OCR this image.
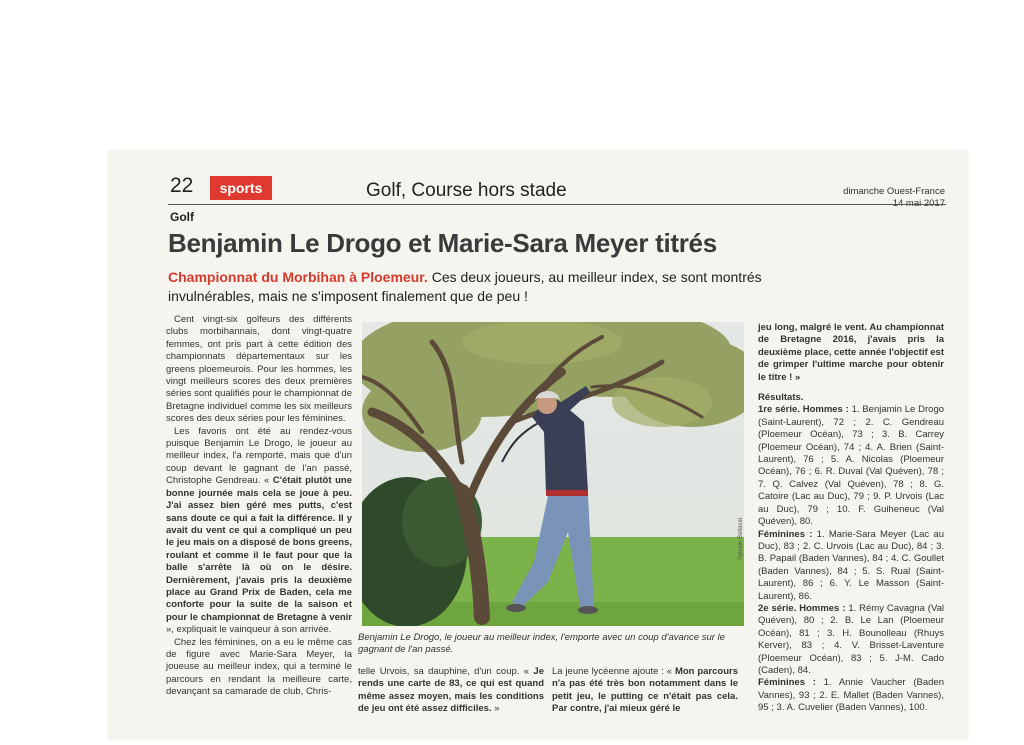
22	sports	Golf, Course hors stade	dimanche Ouest-France
Golf
Benjamin Le Drogo et Marie-Sara Meyer titrés
Championnat du Morbihan à Ploemeur. Ces deux joueurs, au meilleur index, se sont montrés invulnérables, mais ne s'imposent finalement que de peu !

Cent vingt-six golfeurs des différents clubs morbihannais, dont vingt-quatre femmes, ont pris part à cette édition des championnats départementaux sur les greens ploemeurois. Pour les hommes, les vingt meilleurs scores des deux premières séries sont qualifiés pour le championnat de Bretagne individuel comme les six meilleurs scores des deux séries pour les féminines.

Les favoris ont été au rendez-vous puisque Benjamin Le Drogo, le joueur au meilleur index, l'a remporté, mais que d'un coup devant le gagnant de l'an passé, Christophe Gendreau. « C'était plutôt une bonne journée mais cela se joue à peu. J'ai assez bien géré mes putts, c'est sans doute ce qui a fait la différence. Il y avait du vent ce qui a compliqué un peu le jeu mais on a disposé de bons greens, roulant et comme il le faut pour que la balle s'arrête là où on le désire. Dernièrement, j'avais pris la deuxième place au Grand Prix de Baden, cela me conforte pour la suite de la saison et pour le championnat de Bretagne à venir », expliquait le vainqueur à son arrivée.

Chez les féminines, on a eu le même cas de figure avec Marie-Sara Meyer, la joueuse au meilleur index, qui a terminé le parcours en rendant la meilleure carte, devançant sa camarade de club, Chris-

Sylvain Bellaval
Benjamin Le Drogo, le joueur au meilleur index, l'emporte avec un coup d'avance sur le gagnant de l'an passé.
telle Urvois, sa dauphine, d'un coup. « Je rends une carte de 83, ce qui est quand même assez moyen, mais les conditions de jeu ont été assez difficiles. »
La jeune lycéenne ajoute : « Mon parcours n'a pas été très bon notamment dans le petit jeu, le putting ce n'était pas cela. Par contre, j'ai mieux géré le

jeu long, malgré le vent. Au championnat de Bretagne 2016, j'avais pris la deuxième place, cette année l'objectif est de grimper l'ultime marche pour obtenir le titre ! »

Résultats.

1re série. Hommes : 1. Benjamin Le Drogo (Saint-Laurent), 72 ; 2. C. Gendreau (Ploemeur Océan), 73 ; 3. B. Carrey (Ploemeur Océan), 74 ; 4. A. Brien (Saint-Laurent), 76 ; 5. A. Nicolas (Ploemeur Océan), 76 ; 6. R. Duval (Val Quéven), 78 ; 7. Q. Calvez (Val Quéven), 78 ; 8. G. Catoire (Lac au Duc), 79 ; 9. P. Urvois (Lac au Duc), 79 ; 10. F. Guiheneuc (Val Quéven), 80.

Féminines : 1. Marie-Sara Meyer (Lac au Duc), 83 ; 2. C. Urvois (Lac au Duc), 84 ; 3. B. Papail (Baden Vannes), 84 ; 4. C. Goullet (Baden Vannes), 84 ; 5. S. Rual (Saint-Laurent), 86 ; 6. Y. Le Masson (Saint-Laurent), 86.

2e série. Hommes : 1. Rémy Cavagna (Val Quéven), 80 ; 2. B. Le Lan (Ploemeur Océan), 81 ; 3. H. Bounolleau (Rhuys Kerver), 83 ; 4. V. Brisset-Laventure (Ploemeur Océan), 83 ; 5. J-M. Cado (Caden), 84.

Féminines : 1. Annie Vaucher (Baden Vannes), 93 ; 2. E. Mallet (Baden Vannes), 95 ; 3. A. Cuvelier (Baden Vannes), 100.
